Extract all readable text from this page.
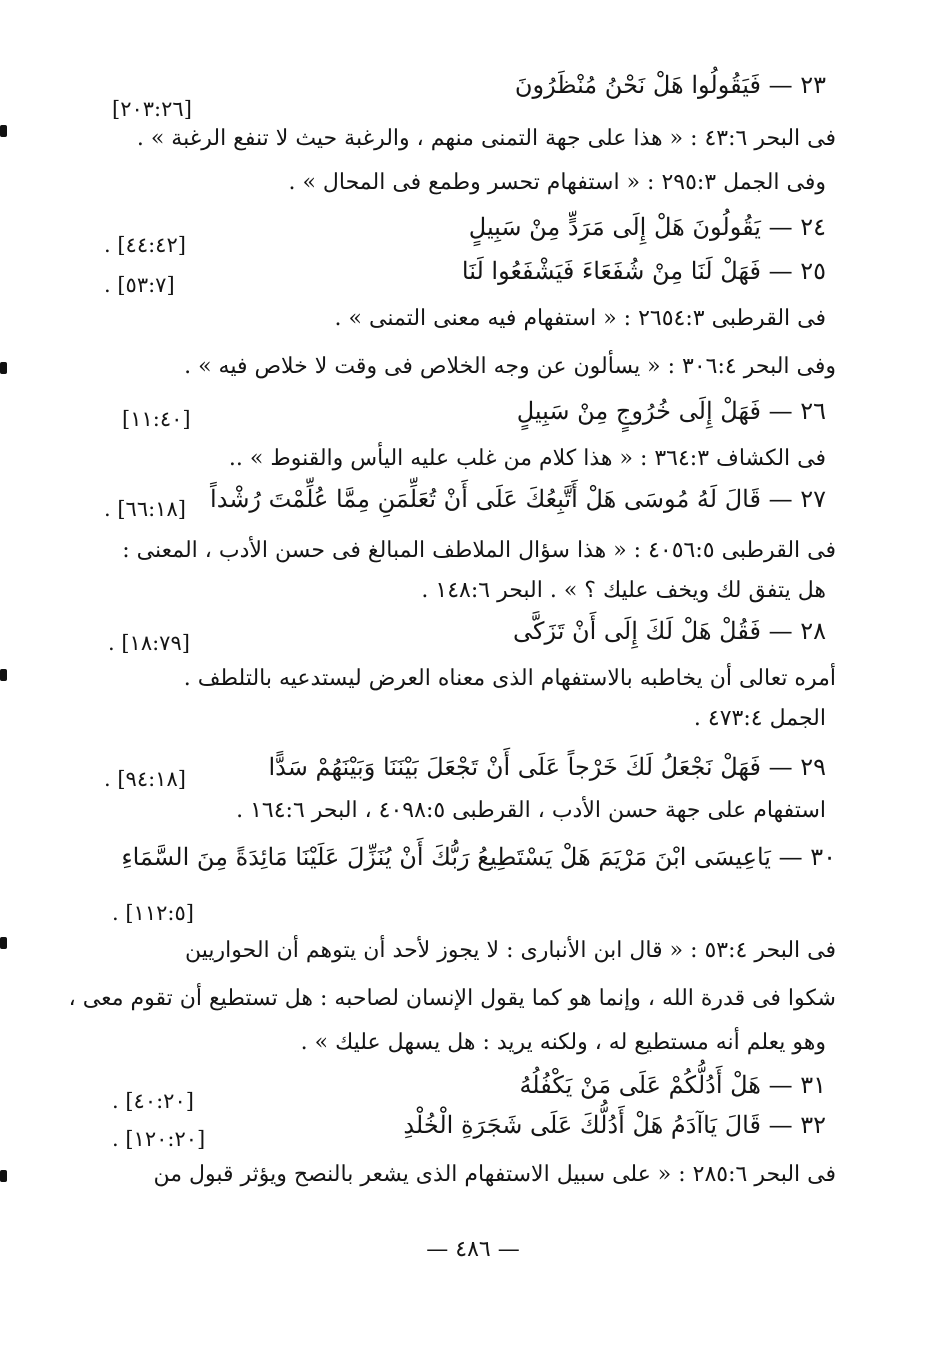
٢٣ — فَيَقُولُوا هَلْ نَحْنُ مُنْظَرُونَ
فى البحر ٤٣:٦ : « هذا على جهة التمنى منهم ، والرغبة حيث لا تنفع الرغبة » .
وفى الجمل ٢٩٥:٣ : « استفهام تحسر وطمع فى المحال » .
٢٤ — يَقُولُونَ هَلْ إِلَى مَرَدٍّ مِنْ سَبِيلٍ
٢٥ — فَهَلْ لَنَا مِنْ شُفَعَاءَ فَيَشْفَعُوا لَنَا
فى القرطبى ٢٦٥٤:٣ : « استفهام فيه معنى التمنى » .
وفى البحر ٣٠٦:٤ : « يسألون عن وجه الخلاص فى وقت لا خلاص فيه » .
٢٦ — فَهَلْ إِلَى خُرُوجٍ مِنْ سَبِيلٍ
فى الكشاف ٣٦٤:٣ : « هذا كلام من غلب عليه اليأس والقنوط » ..
٢٧ — قَالَ لَهُ مُوسَى هَلْ أَتَّبِعُكَ عَلَى أَنْ تُعَلِّمَنِ مِمَّا عُلِّمْتَ رُشْداً
فى القرطبى ٤٠٥٦:٥ : « هذا سؤال الملاطف المبالغ فى حسن الأدب ، المعنى :
هل يتفق لك ويخف عليك ؟ » . البحر ١٤٨:٦ .
٢٨ — فَقُلْ هَلْ لَكَ إِلَى أَنْ تَزَكَّى
أمره تعالى أن يخاطبه بالاستفهام الذى معناه العرض ليستدعيه بالتلطف .
الجمل ٤٧٣:٤ .
٢٩ — فَهَلْ نَجْعَلُ لَكَ خَرْجاً عَلَى أَنْ تَجْعَلَ بَيْنَنَا وَبَيْنَهُمْ سَدًّا
استفهام على جهة حسن الأدب ، القرطبى ٤٠٩٨:٥ ، البحر ١٦٤:٦ .
٣٠ — يَاعِيسَى ابْنَ مَرْيَمَ هَلْ يَسْتَطِيعُ رَبُّكَ أَنْ يُنَزِّلَ عَلَيْنَا مَائِدَةً مِنَ السَّمَاءِ
فى البحر ٥٣:٤ : « قال ابن الأنبارى : لا يجوز لأحد أن يتوهم أن الحواريين
شكوا فى قدرة الله ، وإنما هو كما يقول الإنسان لصاحبه : هل تستطيع أن تقوم معى ،
وهو يعلم أنه مستطيع له ، ولكنه يريد : هل يسهل عليك » .
٣١ — هَلْ أَدُلُّكُمْ عَلَى مَنْ يَكْفُلُهُ
٣٢ — قَالَ يَاآدَمُ هَلْ أَدُلُّكَ عَلَى شَجَرَةِ الْخُلْدِ
فى البحر ٢٨٥:٦ : « على سبيل الاستفهام الذى يشعر بالنصح ويؤثر قبول من
[٢٠٣:٢٦]
. [٤٤:٤٢]
. [٥٣:٧]
[١١:٤٠]
. [٦٦:١٨]
. [١٨:٧٩]
. [٩٤:١٨]
. [١١٢:٥]
. [٤٠:٢٠]
. [١٢٠:٢٠]
— ٤٨٦ —
